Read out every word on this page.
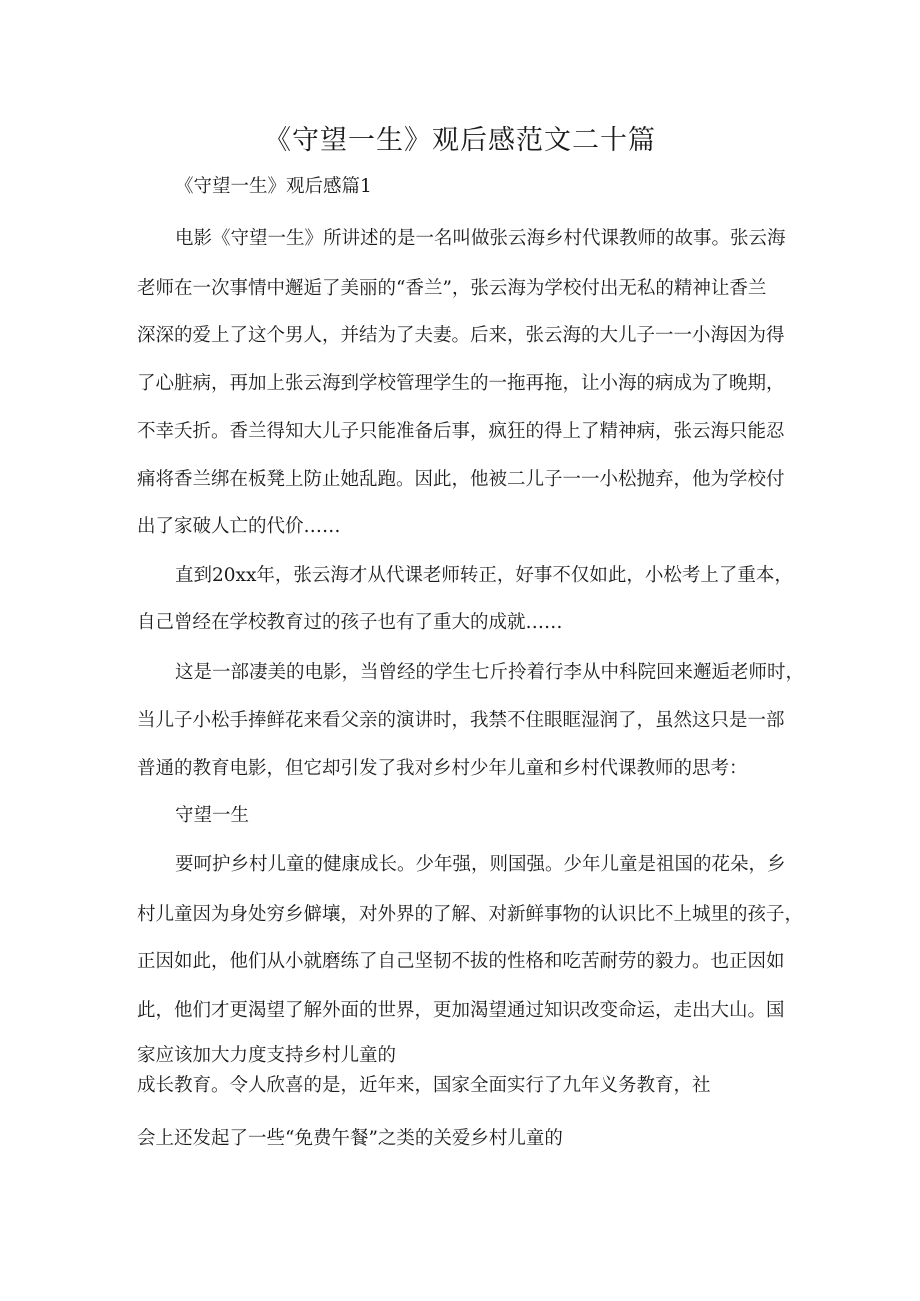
《守望一生》观后感范文二十篇
《守望一生》观后感篇1
电影《守望一生》所讲述的是一名叫做张云海乡村代课教师的故事。张云海
老师在一次事情中邂逅了美丽的“香兰”，张云海为学校付出无私的精神让香兰
深深的爱上了这个男人，并结为了夫妻。后来，张云海的大儿子一一小海因为得
了心脏病，再加上张云海到学校管理学生的一拖再拖，让小海的病成为了晚期，
不幸夭折。香兰得知大儿子只能准备后事，疯狂的得上了精神病，张云海只能忍
痛将香兰绑在板凳上防止她乱跑。因此，他被二儿子一一小松抛弃，他为学校付
出了家破人亡的代价……
直到20xx年，张云海才从代课老师转正，好事不仅如此，小松考上了重本，
自己曾经在学校教育过的孩子也有了重大的成就……
这是一部凄美的电影，当曾经的学生七斤拎着行李从中科院回来邂逅老师时，
当儿子小松手捧鲜花来看父亲的演讲时，我禁不住眼眶湿润了，虽然这只是一部
普通的教育电影，但它却引发了我对乡村少年儿童和乡村代课教师的思考：
守望一生
要呵护乡村儿童的健康成长。少年强，则国强。少年儿童是祖国的花朵，乡
村儿童因为身处穷乡僻壤，对外界的了解、对新鲜事物的认识比不上城里的孩子，
正因如此，他们从小就磨练了自己坚韧不拔的性格和吃苦耐劳的毅力。也正因如
此，他们才更渴望了解外面的世界，更加渴望通过知识改变命运，走出大山。国
家应该加大力度支持乡村儿童的
成长教育。令人欣喜的是，近年来，国家全面实行了九年义务教育，社
会上还发起了一些“免费午餐”之类的关爱乡村儿童的
